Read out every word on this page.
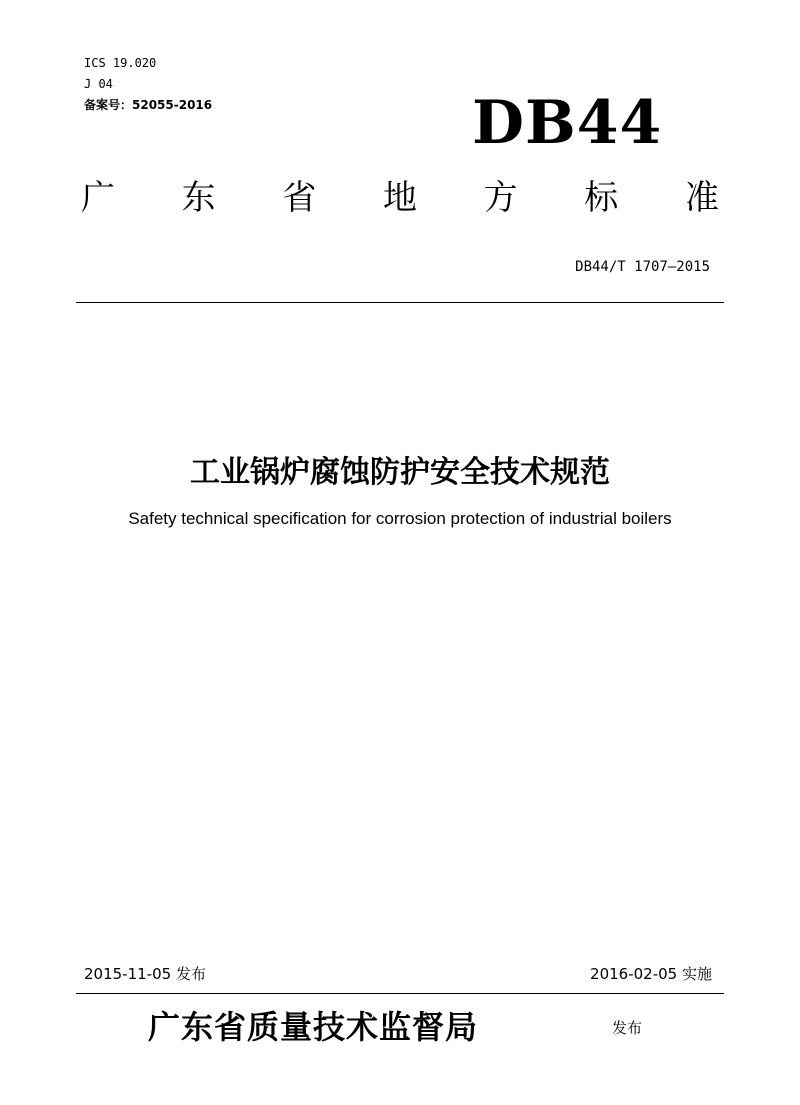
ICS 19.020
J 04
备案号：52055-2016	DB44
广 东 省 地 方 标 准
DB44/T 1707—2015
工业锅炉腐蚀防护安全技术规范
Safety technical specification for corrosion protection of industrial boilers
2015-11-05 发布	2016-02-05 实施
广东省质量技术监督局	发布
